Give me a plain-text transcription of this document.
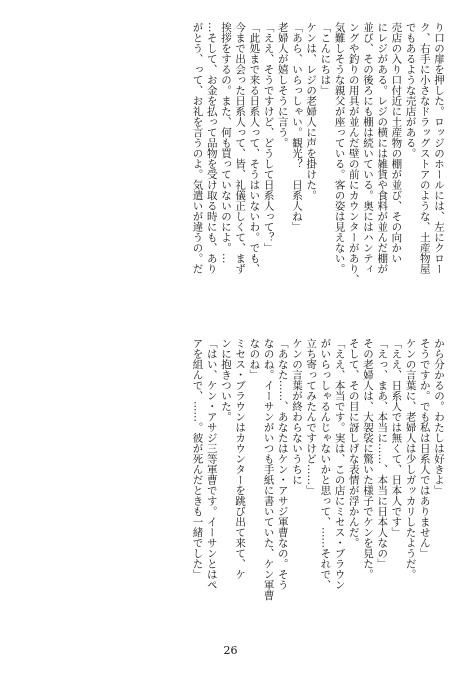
り口の扉を押した。ロッジのホールには、左にクロー
ク、右手に小さなドラッグストアのような、土産物屋
でもあるような売店がある。
売店の入り口付近に土産物の棚が並び、その向かい
にレジがある。レジの横には雑貨や食料が並んだ棚が
並び、その後ろにも棚は続いている。奥にはハンティ
ングや釣りの用具が並んだ壁の前にカウンターがあり、
気難しそうな親父が座っている。客の姿は見えない。
「こんにちは」
ケンは、レジの老婦人に声を掛けた。
「あら、いらっしゃい。観光？　日系人ね」
老婦人が嬉しそうに言う。
「ええ、そうですけど、どうして日系人って？」
「此処まで来る日系人って、そうはいないわ。でも、
今まで出会った日系人って、皆、礼儀正しくて、まず
挨拶をするの。また、何も買っていないのによ。…
…そして、お金を払って品物を受け取る時にも、あり
がとう、って、お礼を言うのよ。気遣いが違うの。だ
から分かるの。わたしは好きよ」
そうですか。でも私は日系人ではありません」
ケンの言葉に、老婦人は少しガッカリしたようだ。
「ええ、日系人では無くて、日本人です」
「えっ、まあ、本当に……、本当に日本人なの」
その老婦人は、大袈裟に驚いた様子でケンを見た。
そして、その目に訝しげな表情が浮かんだ。
「ええ、本当です。実は、この店にミセス・ブラウン
がいらっしゃるんじゃないかと思って、……それで、
立ち寄ってみたんですけど……」
ケンの言葉が終わらないうちに
「あなた……、あなたはケン・アサジ軍曹なの。そう
なのね。イーサンがいつも手紙に書いていた、ケン軍曹
なのね」
ミセス・ブラウンはカウンターを跳び出て来て、ケ
ンに抱きついた。
「はい、ケン・アサジ三等軍曹です。イーサンとはペ
アを組んで、……。彼が死んだときも一緒でした」
26
